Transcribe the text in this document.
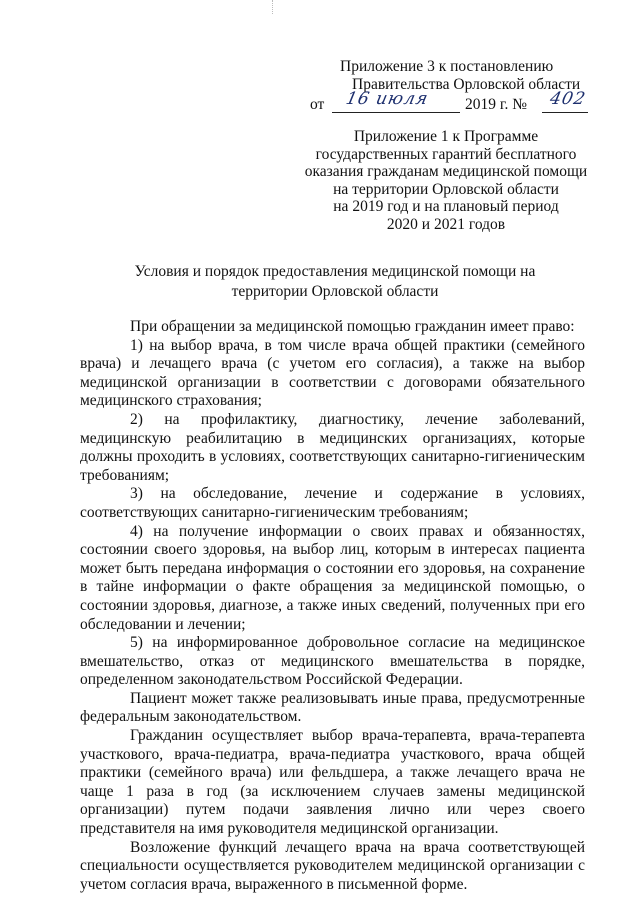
Приложение 3 к постановлению
Правительства Орловской области
от 16 июля 2019 г. № 402
Приложение 1 к Программе
государственных гарантий бесплатного
оказания гражданам медицинской помощи
на территории Орловской области
на 2019 год и на плановый период
2020 и 2021 годов
Условия и порядок предоставления медицинской помощи на
территории Орловской области

При обращении за медицинской помощью гражданин имеет право:

1) на выбор врача, в том числе врача общей практики (семейного врача) и лечащего врача (с учетом его согласия), а также на выбор медицинской организации в соответствии с договорами обязательного медицинского страхования;

2) на профилактику, диагностику, лечение заболеваний, медицинскую реабилитацию в медицинских организациях, которые должны проходить в условиях, соответствующих санитарно-гигиеническим требованиям;

3) на обследование, лечение и содержание в условиях, соответствующих санитарно-гигиеническим требованиям;

4) на получение информации о своих правах и обязанностях, состоянии своего здоровья, на выбор лиц, которым в интересах пациента может быть передана информация о состоянии его здоровья, на сохранение в тайне информации о факте обращения за медицинской помощью, о состоянии здоровья, диагнозе, а также иных сведений, полученных при его обследовании и лечении;

5) на информированное добровольное согласие на медицинское вмешательство, отказ от медицинского вмешательства в порядке, определенном законодательством Российской Федерации.

Пациент может также реализовывать иные права, предусмотренные федеральным законодательством.

Гражданин осуществляет выбор врача-терапевта, врача-терапевта участкового, врача-педиатра, врача-педиатра участкового, врача общей практики (семейного врача) или фельдшера, а также лечащего врача не чаще 1 раза в год (за исключением случаев замены медицинской организации) путем подачи заявления лично или через своего представителя на имя руководителя медицинской организации.

Возложение функций лечащего врача на врача соответствующей специальности осуществляется руководителем медицинской организации с учетом согласия врача, выраженного в письменной форме.
